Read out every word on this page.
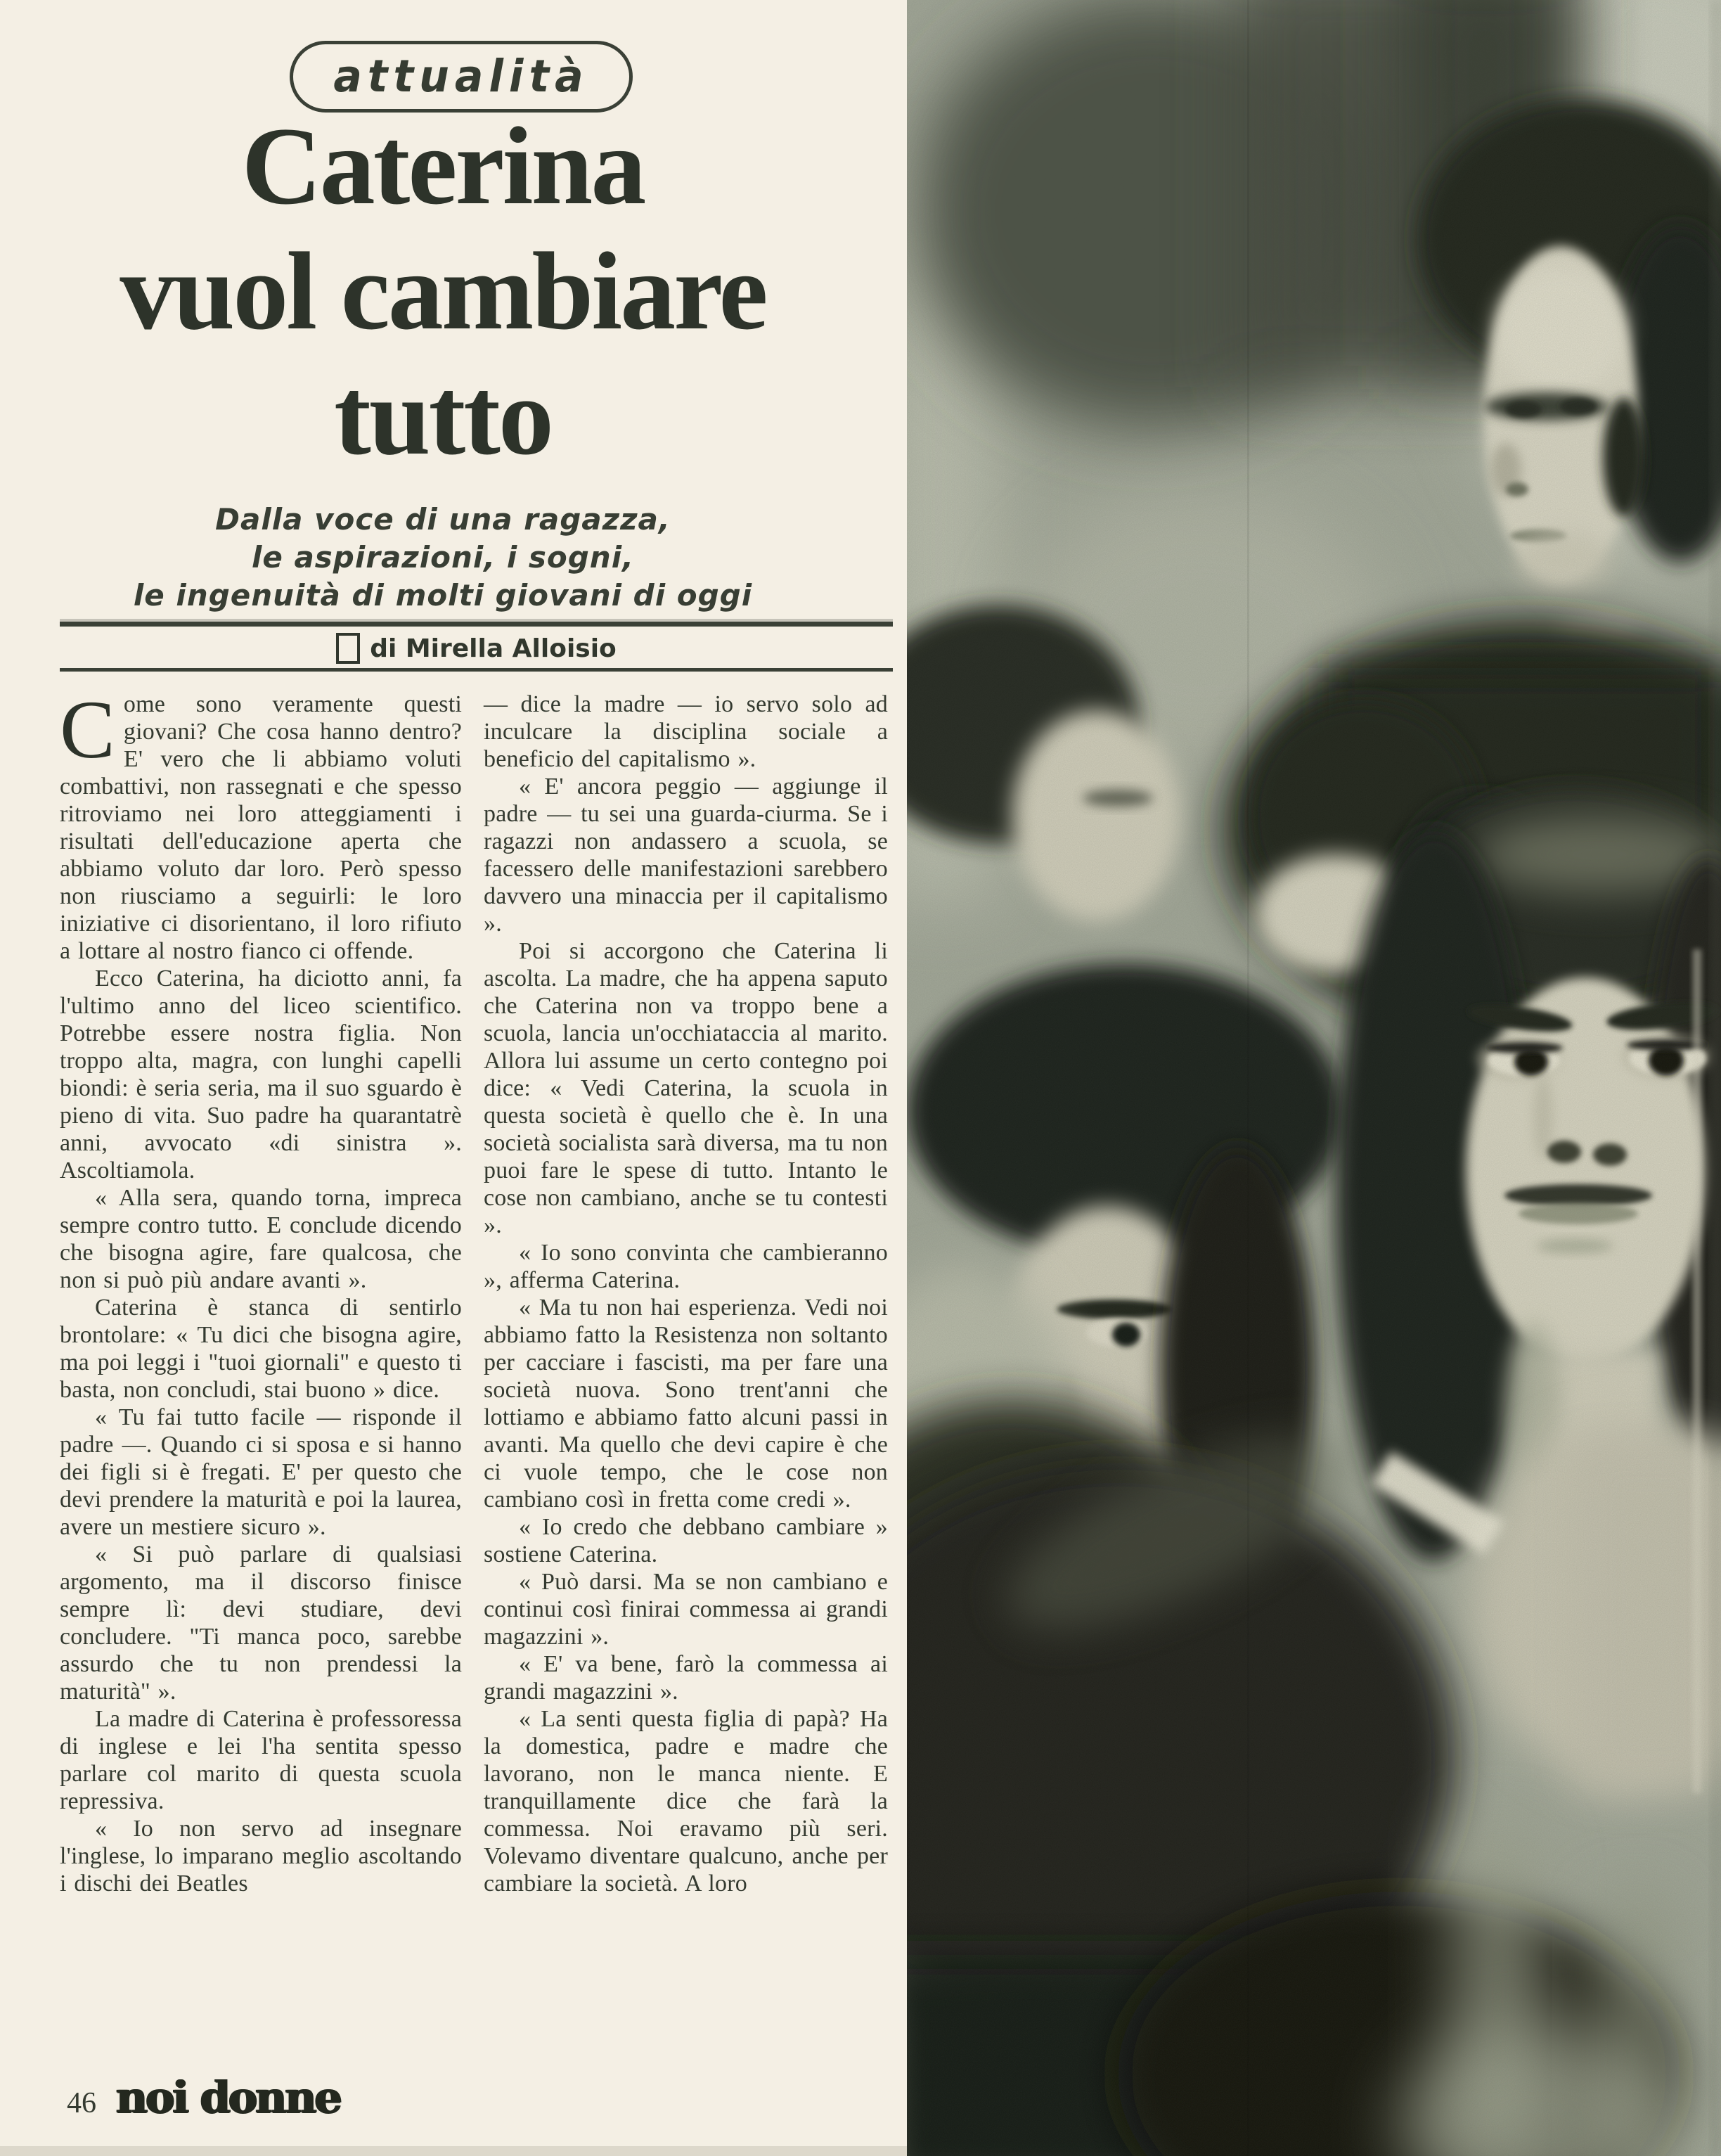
attualità
Caterina
vuol cambiare
tutto
Dalla voce di una ragazza,
le aspirazioni, i sogni,
le ingenuità di molti giovani di oggi
di Mirella Alloisio

Come sono veramente questi giovani? Che cosa hanno dentro? E' vero che li abbiamo voluti combattivi, non rassegnati e che spesso ritroviamo nei loro atteggiamenti i risultati dell'educazione aperta che abbiamo voluto dar loro. Però spesso non riusciamo a seguirli: le loro iniziative ci disorientano, il loro rifiuto a lottare al nostro fianco ci offende.

Ecco Caterina, ha diciotto anni, fa l'ultimo anno del liceo scientifico. Potrebbe essere nostra figlia. Non troppo alta, magra, con lunghi capelli biondi: è seria seria, ma il suo sguardo è pieno di vita. Suo padre ha quarantatrè anni, avvocato «di sinistra ». Ascoltiamola.

« Alla sera, quando torna, impreca sempre contro tutto. E conclude dicendo che bisogna agire, fare qualcosa, che non si può più andare avanti ».

Caterina è stanca di sentirlo brontolare: « Tu dici che bisogna agire, ma poi leggi i "tuoi giornali" e questo ti basta, non concludi, stai buono » dice.

« Tu fai tutto facile — risponde il padre —. Quando ci si sposa e si hanno dei figli si è fregati. E' per questo che devi prendere la maturità e poi la laurea, avere un mestiere sicuro ».

« Si può parlare di qualsiasi argomento, ma il discorso finisce sempre lì: devi studiare, devi concludere. "Ti manca poco, sarebbe assurdo che tu non prendessi la maturità" ».

La madre di Caterina è professoressa di inglese e lei l'ha sentita spesso parlare col marito di questa scuola repressiva.

« Io non servo ad insegnare l'inglese, lo imparano meglio ascoltando i dischi dei Beatles

— dice la madre — io servo solo ad inculcare la disciplina sociale a beneficio del capitalismo ».

« E' ancora peggio — aggiunge il padre — tu sei una guarda-ciurma. Se i ragazzi non andassero a scuola, se facessero delle manifestazioni sarebbero davvero una minaccia per il capitalismo ».

Poi si accorgono che Caterina li ascolta. La madre, che ha appena saputo che Caterina non va troppo bene a scuola, lancia un'occhiataccia al marito. Allora lui assume un certo contegno poi dice: « Vedi Caterina, la scuola in questa società è quello che è. In una società socialista sarà diversa, ma tu non puoi fare le spese di tutto. Intanto le cose non cambiano, anche se tu contesti ».

« Io sono convinta che cambieranno », afferma Caterina.

« Ma tu non hai esperienza. Vedi noi abbiamo fatto la Resistenza non soltanto per cacciare i fascisti, ma per fare una società nuova. Sono trent'anni che lottiamo e abbiamo fatto alcuni passi in avanti. Ma quello che devi capire è che ci vuole tempo, che le cose non cambiano così in fretta come credi ».

« Io credo che debbano cambiare » sostiene Caterina.

« Può darsi. Ma se non cambiano e continui così finirai commessa ai grandi magazzini ».

« E' va bene, farò la commessa ai grandi magazzini ».

« La senti questa figlia di papà? Ha la domestica, padre e madre che lavorano, non le manca niente. E tranquillamente dice che farà la commessa. Noi eravamo più seri. Volevamo diventare qualcuno, anche per cambiare la società. A loro

46 noi donne
